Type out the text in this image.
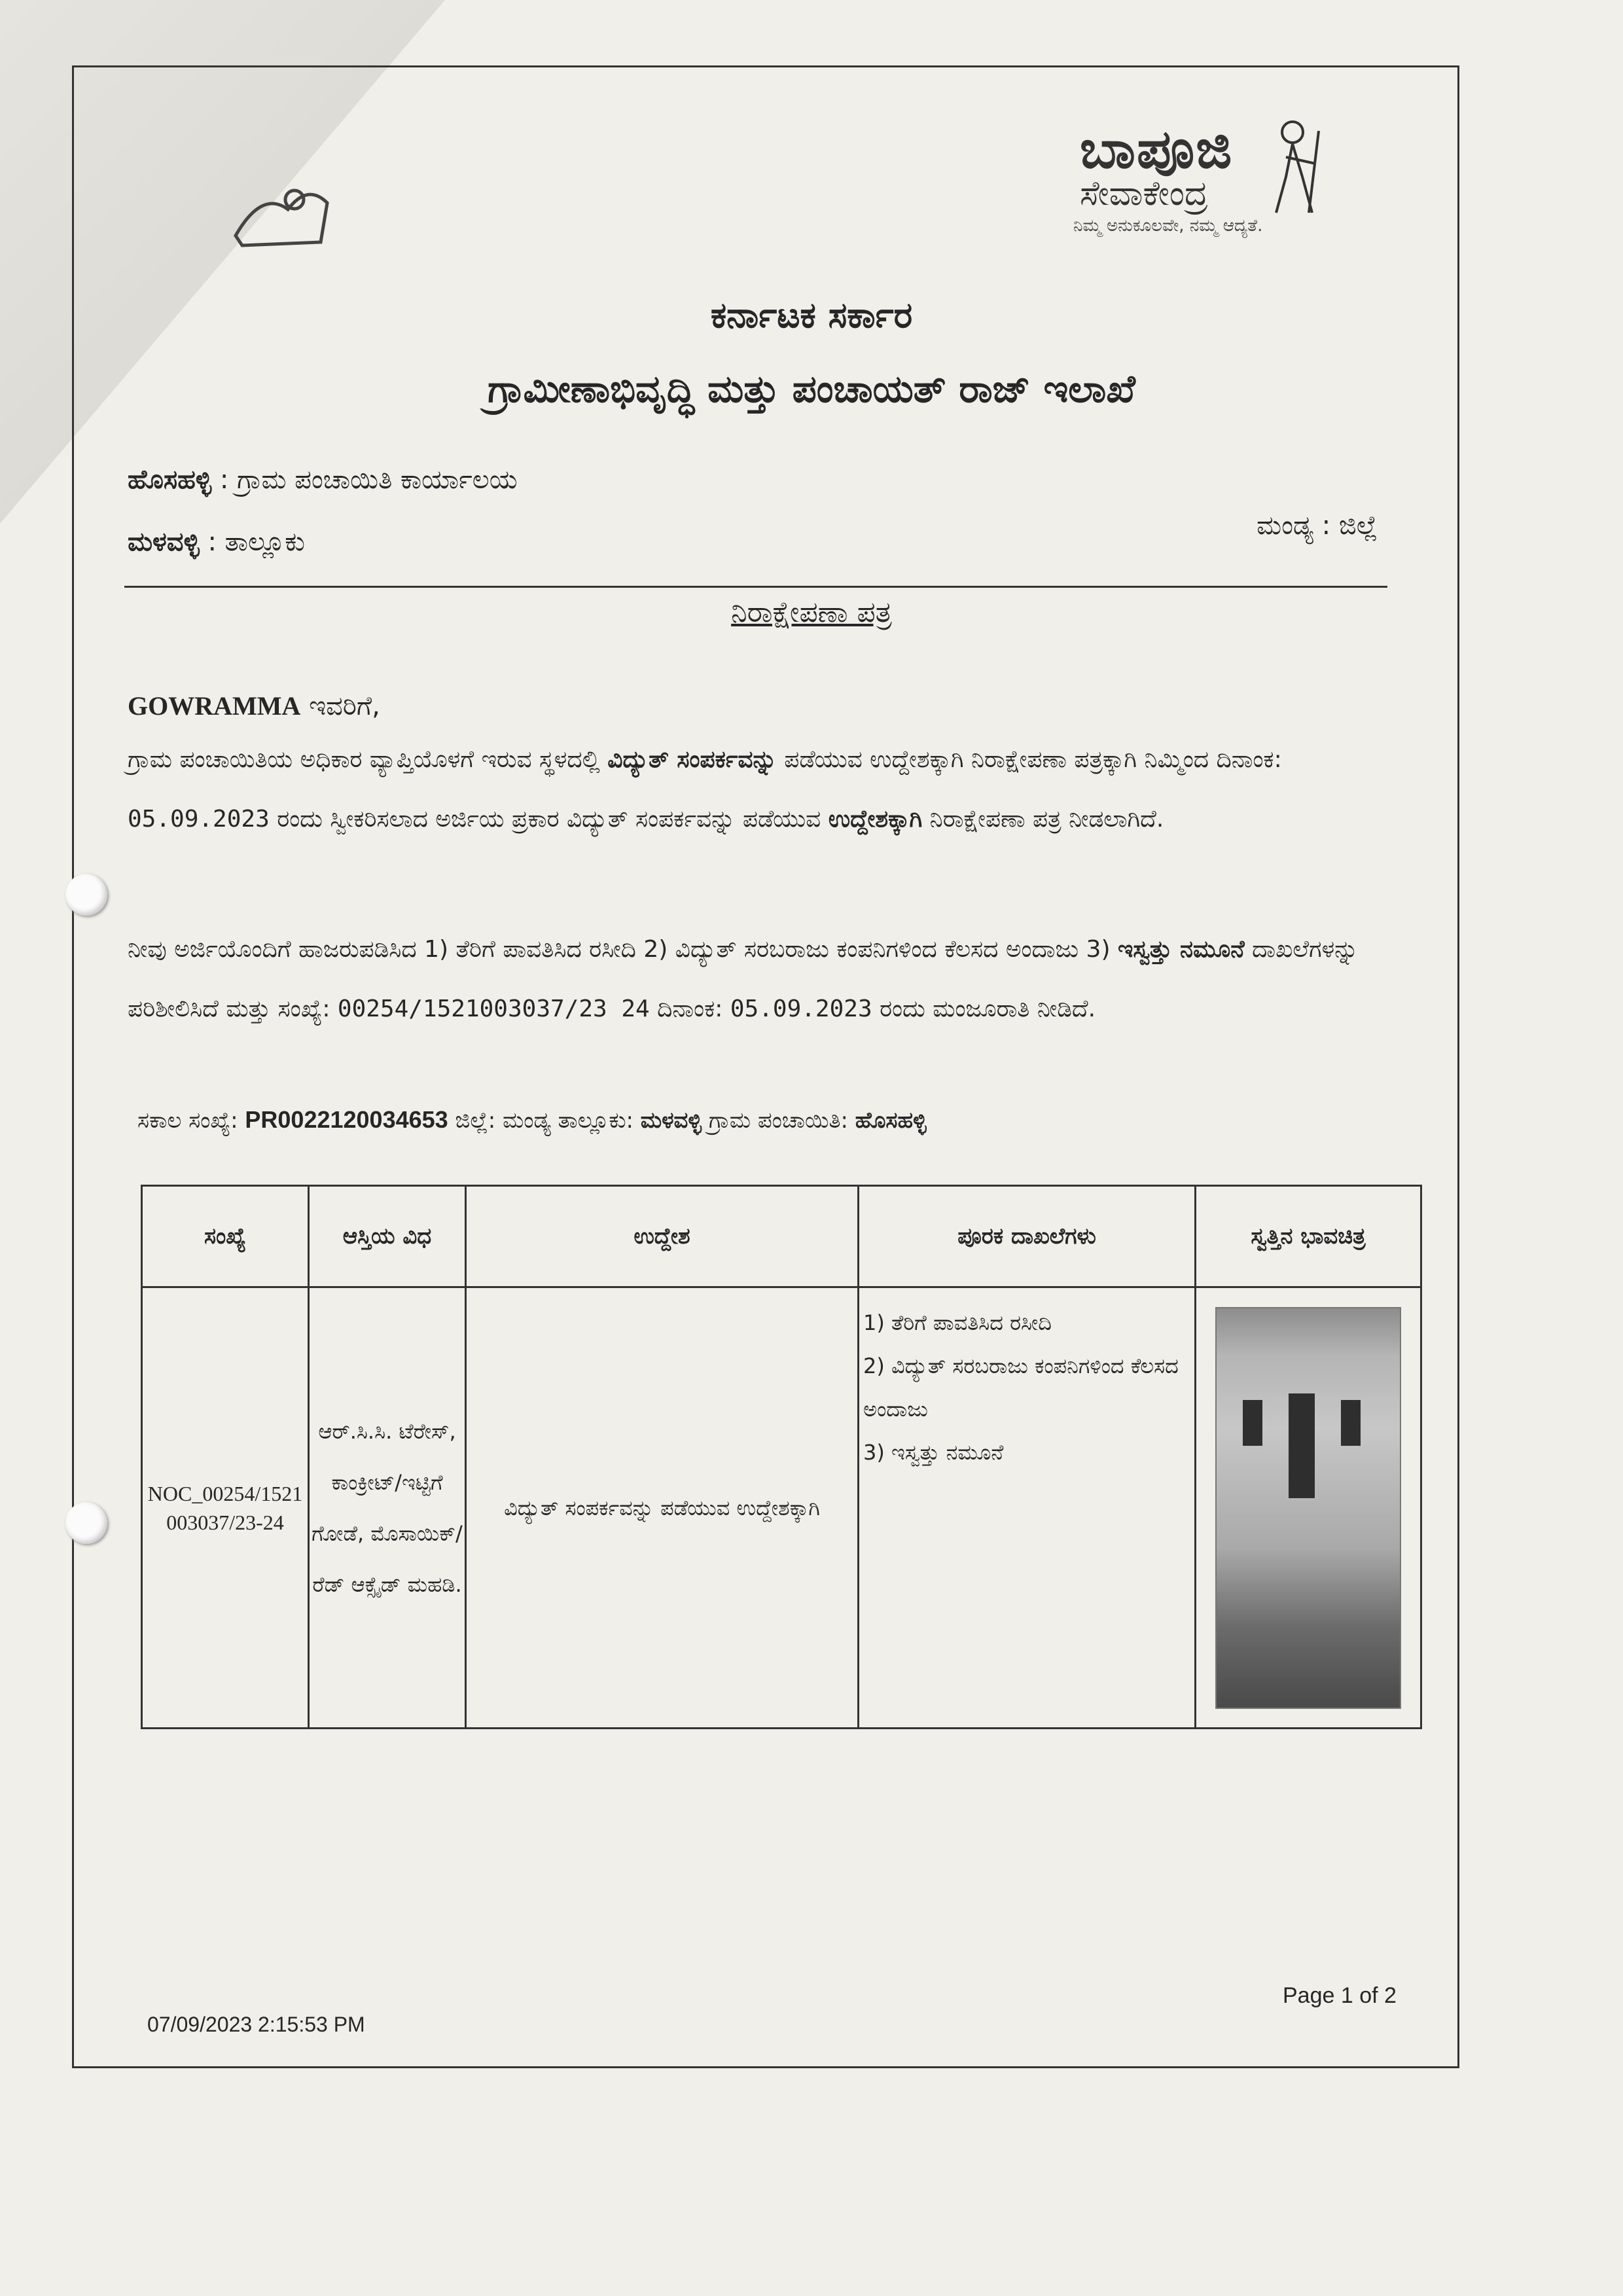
ಬಾಪೂಜಿ
ಸೇವಾಕೇಂದ್ರ
ನಿಮ್ಮ ಅನುಕೂಲವೇ, ನಮ್ಮ ಆದ್ಯತೆ.
ಕರ್ನಾಟಕ ಸರ್ಕಾರ
ಗ್ರಾಮೀಣಾಭಿವೃದ್ಧಿ ಮತ್ತು ಪಂಚಾಯತ್ ರಾಜ್ ಇಲಾಖೆ
ಹೊಸಹಳ್ಳಿ : ಗ್ರಾಮ ಪಂಚಾಯಿತಿ ಕಾರ್ಯಾಲಯ
ಮಂಡ್ಯ : ಜಿಲ್ಲೆ
ಮಳವಳ್ಳಿ : ತಾಲ್ಲೂಕು
ನಿರಾಕ್ಷೇಪಣಾ ಪತ್ರ
GOWRAMMA ಇವರಿಗೆ,
ಗ್ರಾಮ ಪಂಚಾಯಿತಿಯ ಅಧಿಕಾರ ವ್ಯಾಪ್ತಿಯೊಳಗೆ ಇರುವ ಸ್ಥಳದಲ್ಲಿ ವಿದ್ಯುತ್ ಸಂಪರ್ಕವನ್ನು ಪಡೆಯುವ ಉದ್ದೇಶಕ್ಕಾಗಿ ನಿರಾಕ್ಷೇಪಣಾ ಪತ್ರಕ್ಕಾಗಿ ನಿಮ್ಮಿಂದ ದಿನಾಂಕ: 05.09.2023 ರಂದು ಸ್ವೀಕರಿಸಲಾದ ಅರ್ಜಿಯ ಪ್ರಕಾರ ವಿದ್ಯುತ್ ಸಂಪರ್ಕವನ್ನು ಪಡೆಯುವ ಉದ್ದೇಶಕ್ಕಾಗಿ ನಿರಾಕ್ಷೇಪಣಾ ಪತ್ರ ನೀಡಲಾಗಿದೆ.
ನೀವು ಅರ್ಜಿಯೊಂದಿಗೆ ಹಾಜರುಪಡಿಸಿದ 1) ತೆರಿಗೆ ಪಾವತಿಸಿದ ರಸೀದಿ 2) ವಿದ್ಯುತ್ ಸರಬರಾಜು ಕಂಪನಿಗಳಿಂದ ಕೆಲಸದ ಅಂದಾಜು 3) ಇಸ್ವತ್ತು ನಮೂನೆ ದಾಖಲೆಗಳನ್ನು ಪರಿಶೀಲಿಸಿದೆ ಮತ್ತು ಸಂಖ್ಯೆ: 00254/1521003037/23 24 ದಿನಾಂಕ: 05.09.2023 ರಂದು ಮಂಜೂರಾತಿ ನೀಡಿದೆ.
ಸಕಾಲ ಸಂಖ್ಯೆ: PR0022120034653 ಜಿಲ್ಲೆ: ಮಂಡ್ಯ ತಾಲ್ಲೂಕು: ಮಳವಳ್ಳಿ ಗ್ರಾಮ ಪಂಚಾಯಿತಿ: ಹೊಸಹಳ್ಳಿ
ಸಂಖ್ಯೆ	ಆಸ್ತಿಯ ವಿಧ	ಉದ್ದೇಶ	ಪೂರಕ ದಾಖಲೆಗಳು	ಸ್ವತ್ತಿನ ಭಾವಚಿತ್ರ
NOC_00254/1521003037/23-24	ಆರ್.ಸಿ.ಸಿ. ಟೆರೇಸ್, ಕಾಂಕ್ರೀಟ್/ಇಟ್ಟಿಗೆ ಗೋಡೆ, ಮೊಸಾಯಿಕ್/ರೆಡ್ ಆಕ್ಸೈಡ್ ಮಹಡಿ.	ವಿದ್ಯುತ್ ಸಂಪರ್ಕವನ್ನು ಪಡೆಯುವ ಉದ್ದೇಶಕ್ಕಾಗಿ	1) ತೆರಿಗೆ ಪಾವತಿಸಿದ ರಸೀದಿ
2) ವಿದ್ಯುತ್ ಸರಬರಾಜು ಕಂಪನಿಗಳಿಂದ ಕೆಲಸದ ಅಂದಾಜು
3) ಇಸ್ವತ್ತು ನಮೂನೆ	

Page 1 of 2
07/09/2023 2:15:53 PM
